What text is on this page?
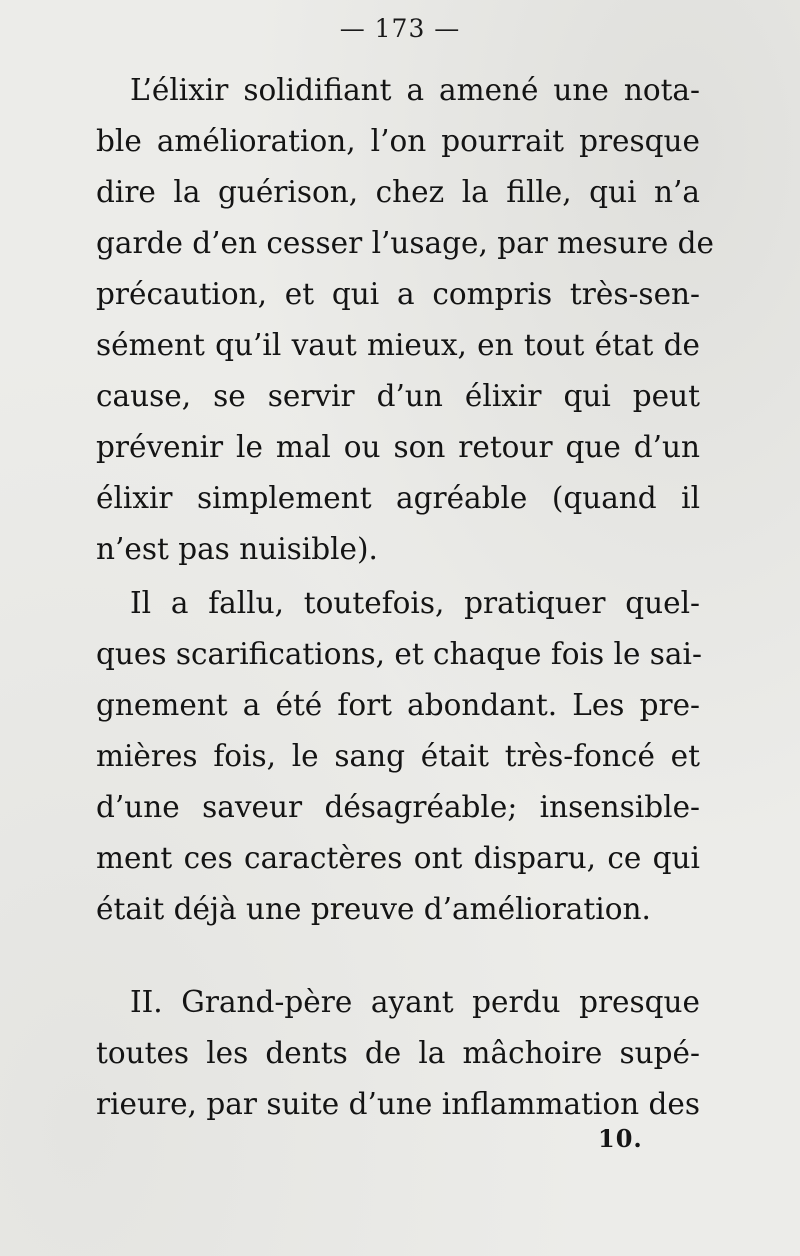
— 173 —
L’élixir solidifiant a amené une nota-
ble amélioration, l’on pourrait presque
dire la guérison, chez la fille, qui n’a
garde d’en cesser l’usage, par mesure de
précaution, et qui a compris très-sen-
sément qu’il vaut mieux, en tout état de
cause, se servir d’un élixir qui peut
prévenir le mal ou son retour que d’un
élixir simplement agréable (quand il
n’est pas nuisible).
Il a fallu, toutefois, pratiquer quel-
ques scarifications, et chaque fois le sai-
gnement a été fort abondant. Les pre-
mières fois, le sang était très-foncé et
d’une saveur désagréable; insensible-
ment ces caractères ont disparu, ce qui
était déjà une preuve d’amélioration.
II. Grand-père ayant perdu presque
toutes les dents de la mâchoire supé-
rieure, par suite d’une inflammation des
10.
